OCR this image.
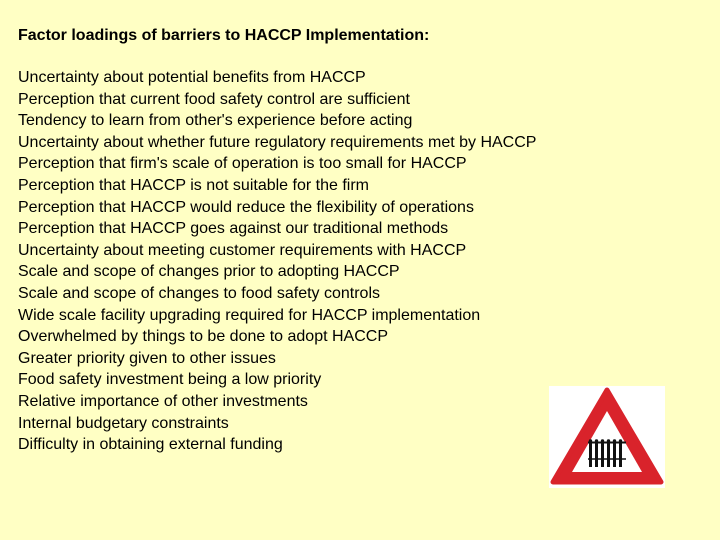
Factor loadings of barriers to HACCP Implementation:
Uncertainty about potential benefits from HACCP
Perception that current food safety control are sufficient
Tendency to learn from other's experience before acting
Uncertainty about whether future regulatory requirements met by HACCP
Perception that firm's scale of operation is too small for HACCP
Perception that HACCP is not suitable for the firm
Perception that HACCP would reduce the flexibility of operations
Perception that HACCP goes against our traditional methods
Uncertainty about meeting customer requirements with HACCP
Scale and scope of changes prior to adopting HACCP
Scale and scope of changes to food safety controls
Wide scale facility upgrading required for HACCP implementation
Overwhelmed by things to be done to adopt HACCP
Greater priority given to other issues
Food safety investment being a low priority
Relative importance of other investments
Internal budgetary constraints
Difficulty in obtaining external funding
